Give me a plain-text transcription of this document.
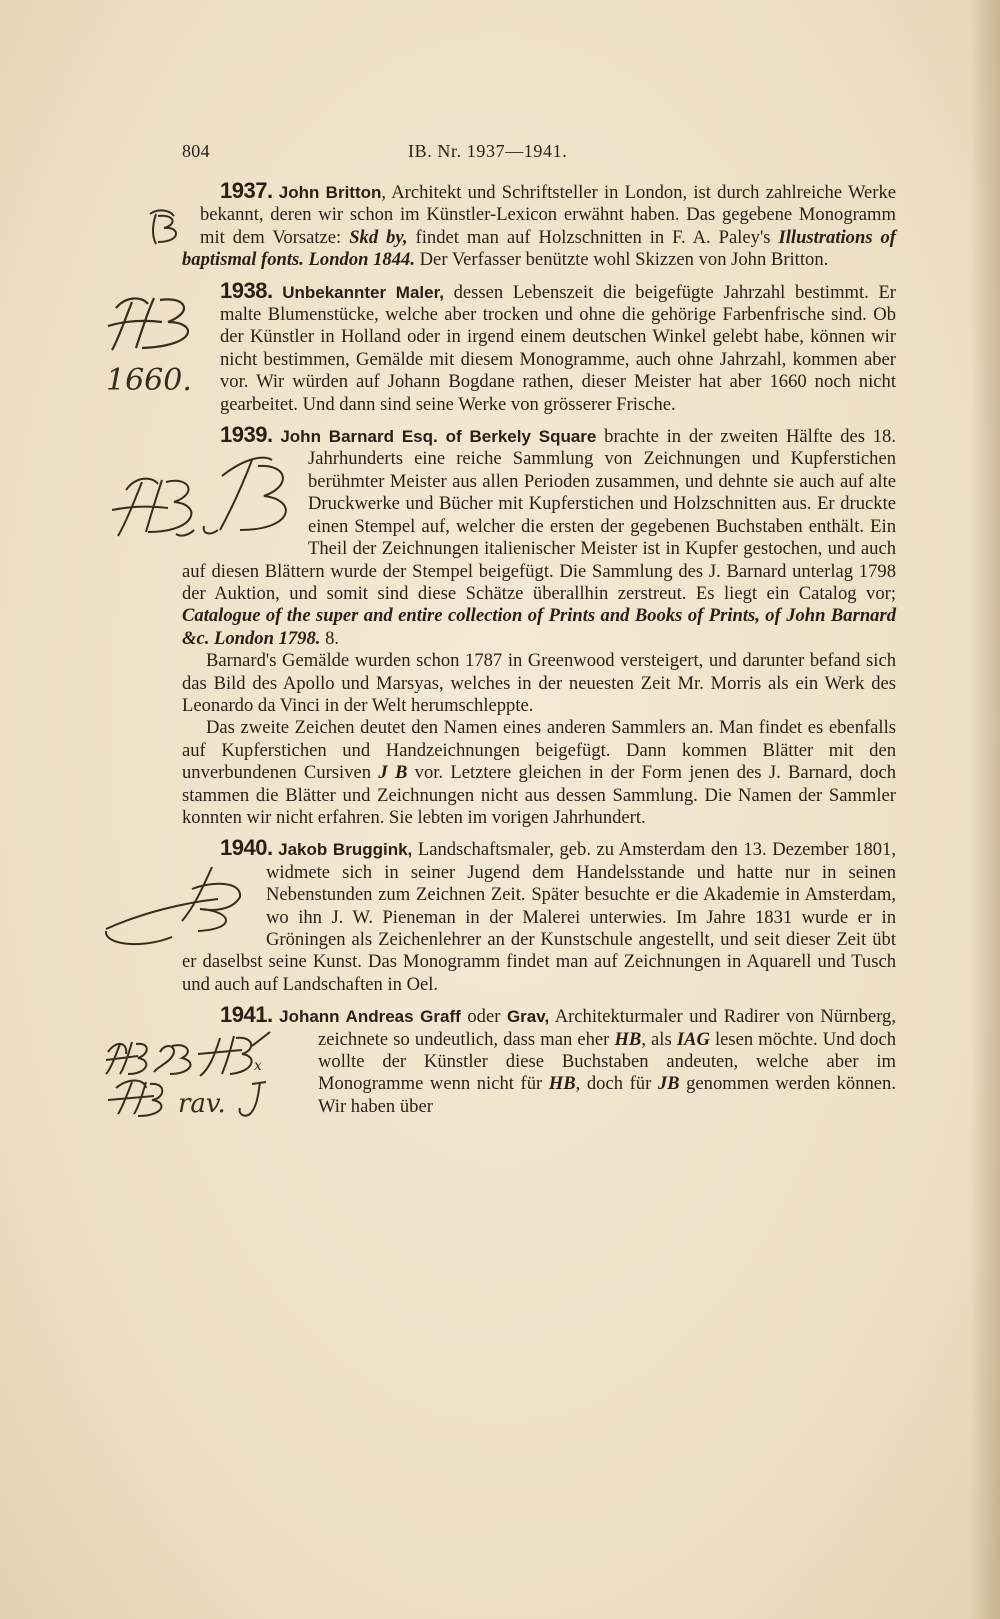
804	IB. Nr. 1937—1941.

1937. John Britton, Architekt und Schriftsteller in London, ist durch zahlreiche Werke bekannt, deren wir schon im Künstler-Lexicon erwähnt haben. Das gegebene Monogramm mit dem Vorsatze: Skd by, findet man auf Holzschnitten in F. A. Paley's Illustrations of baptismal fonts. London 1844. Der Verfasser benützte wohl Skizzen von John Britton.

1938.
1660.
Unbekannter Maler, dessen Lebenszeit die beigefügte Jahrzahl bestimmt. Er malte Blumenstücke, welche aber trocken und ohne die gehörige Farbenfrische sind. Ob der Künstler in Holland oder in irgend einem deutschen Winkel gelebt habe, können wir nicht bestimmen, Gemälde mit diesem Monogramme, auch ohne Jahrzahl, kommen aber vor. Wir würden auf Johann Bogdane rathen, dieser Meister hat aber 1660 noch nicht gearbeitet. Und dann sind seine Werke von grösserer Frische.

1939. John Barnard Esq. of Berkely Square brachte in der zweiten Hälfte des 18. Jahrhunderts eine reiche Sammlung von Zeichnungen und Kupferstichen berühmter Meister aus allen Perioden zusammen, und dehnte sie auch auf alte Druckwerke und Bücher mit Kupferstichen und Holzschnitten aus. Er druckte einen Stempel auf, welcher die ersten der gegebenen Buchstaben enthält. Ein Theil der Zeichnungen italienischer Meister ist in Kupfer gestochen, und auch auf diesen Blättern wurde der Stempel beigefügt. Die Sammlung des J. Barnard unterlag 1798 der Auktion, und somit sind diese Schätze überallhin zerstreut. Es liegt ein Catalog vor; Catalogue of the super and entire collection of Prints and Books of Prints, of John Barnard &c. London 1798. 8.

Barnard's Gemälde wurden schon 1787 in Greenwood versteigert, und darunter befand sich das Bild des Apollo und Marsyas, welches in der neuesten Zeit Mr. Morris als ein Werk des Leonardo da Vinci in der Welt herumschleppte.

Das zweite Zeichen deutet den Namen eines anderen Sammlers an. Man findet es ebenfalls auf Kupferstichen und Handzeichnungen beigefügt. Dann kommen Blätter mit den unverbundenen Cursiven J B vor. Letztere gleichen in der Form jenen des J. Barnard, doch stammen die Blätter und Zeichnungen nicht aus dessen Sammlung. Die Namen der Sammler konnten wir nicht erfahren. Sie lebten im vorigen Jahrhundert.

1940. Jakob Bruggink, Landschaftsmaler, geb. zu Amsterdam den 13. Dezember 1801, widmete sich in seiner Jugend dem Handelsstande und hatte nur in seinen Nebenstunden zum Zeichnen Zeit. Später besuchte er die Akademie in Amsterdam, wo ihn J. W. Pieneman in der Malerei unterwies. Im Jahre 1831 wurde er in Gröningen als Zeichenlehrer an der Kunstschule angestellt, und seit dieser Zeit übt er daselbst seine Kunst. Das Monogramm findet man auf Zeichnungen in Aquarell und Tusch und auch auf Landschaften in Oel.

1941.
x
rav.
Johann Andreas Graff oder Grav, Architekturmaler und Radirer von Nürnberg, zeichnete so undeutlich, dass man eher HB, als IAG lesen möchte. Und doch wollte der Künstler diese Buchstaben andeuten, welche aber im Monogramme wenn nicht für HB, doch für JB genommen werden können. Wir haben über
